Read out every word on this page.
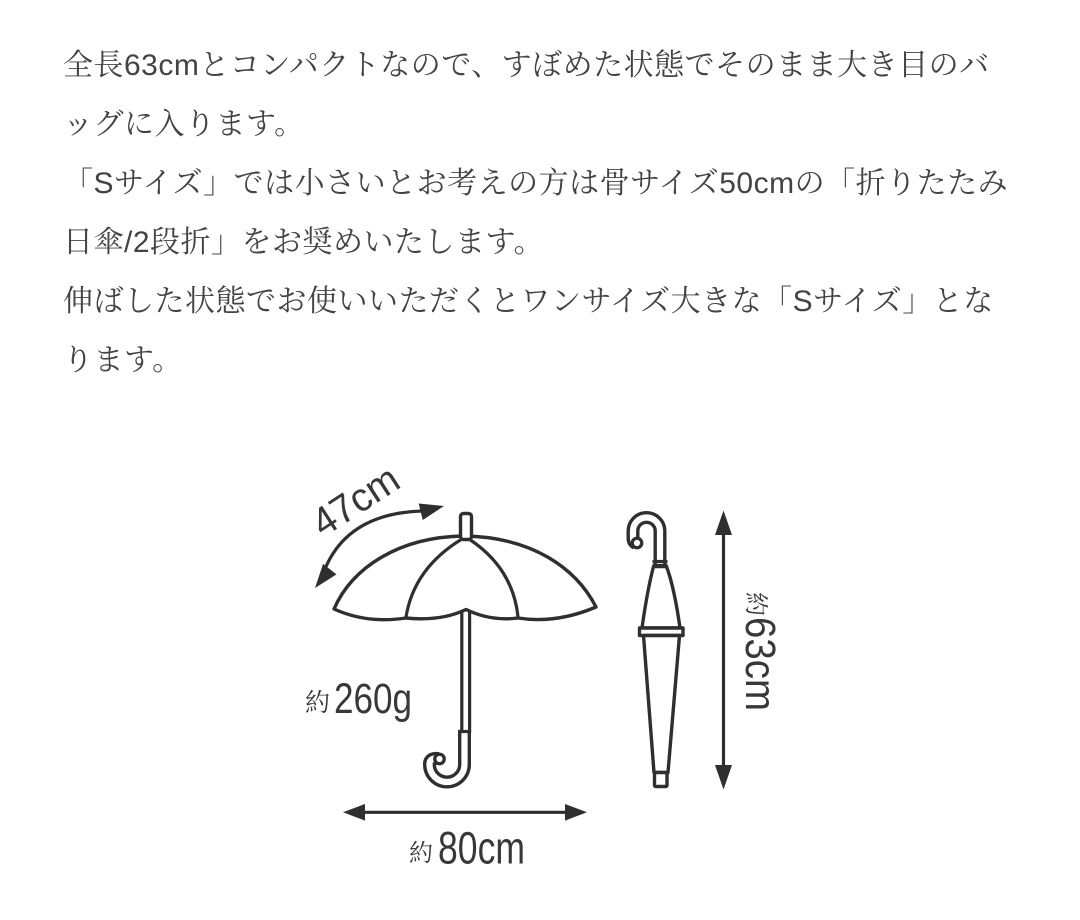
全長63cmとコンパクトなので、すぼめた状態でそのまま大き目のバッグに入ります。

「Sサイズ」では小さいとお考えの方は骨サイズ50cmの「折りたたみ日傘/2段折」をお奨めいたします。

伸ばした状態でお使いいただくとワンサイズ大きな「Sサイズ」となります。

47cm
約 260g
約 80cm
約
63cm
